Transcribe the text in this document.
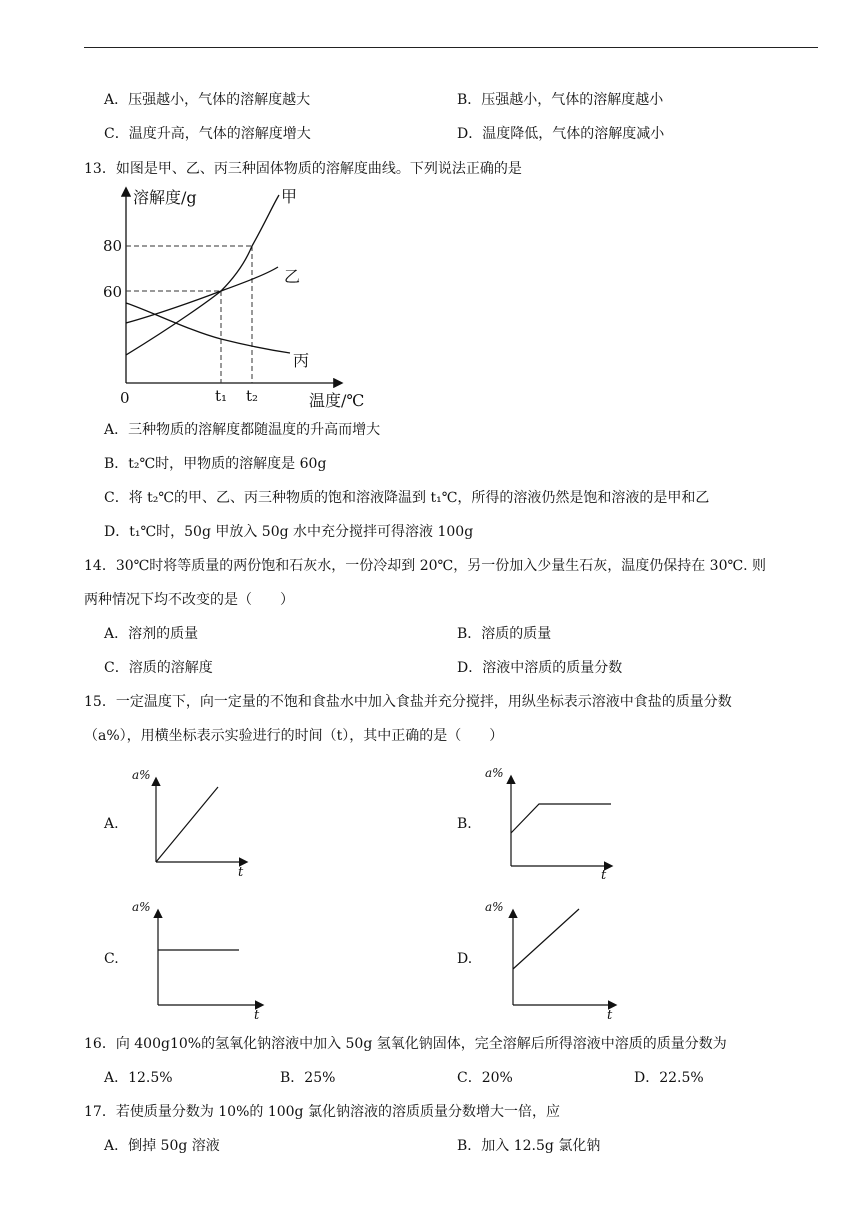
A．压强越小，气体的溶解度越大	B．压强越小，气体的溶解度越小
C．温度升高，气体的溶解度增大	D．温度降低，气体的溶解度减小
13．如图是甲、乙、丙三种固体物质的溶解度曲线。下列说法正确的是
溶解度/g
温度/℃
0
80
60
t₁ t₂
甲
乙
丙
A．三种物质的溶解度都随温度的升高而增大
B．t₂℃时，甲物质的溶解度是 60g
C．将 t₂℃的甲、乙、丙三种物质的饱和溶液降温到 t₁℃，所得的溶液仍然是饱和溶液的是甲和乙
D．t₁℃时，50g 甲放入 50g 水中充分搅拌可得溶液 100g
14．30℃时将等质量的两份饱和石灰水，一份冷却到 20℃，另一份加入少量生石灰，温度仍保持在 30℃. 则
两种情况下均不改变的是（　　）
A．溶剂的质量	B．溶质的质量
C．溶质的溶解度	D．溶液中溶质的质量分数
15．一定温度下，向一定量的不饱和食盐水中加入食盐并充分搅拌，用纵坐标表示溶液中食盐的质量分数
（a%），用横坐标表示实验进行的时间（t），其中正确的是（　　）
A.
a%
t
B.
a%
t
C.
a%
t
D.
a%
t
16．向 400g10%的氢氧化钠溶液中加入 50g 氢氧化钠固体，完全溶解后所得溶液中溶质的质量分数为
A．12.5%	B．25%	C．20%	D．22.5%
17．若使质量分数为 10%的 100g 氯化钠溶液的溶质质量分数增大一倍，应
A．倒掉 50g 溶液	B．加入 12.5g 氯化钠
